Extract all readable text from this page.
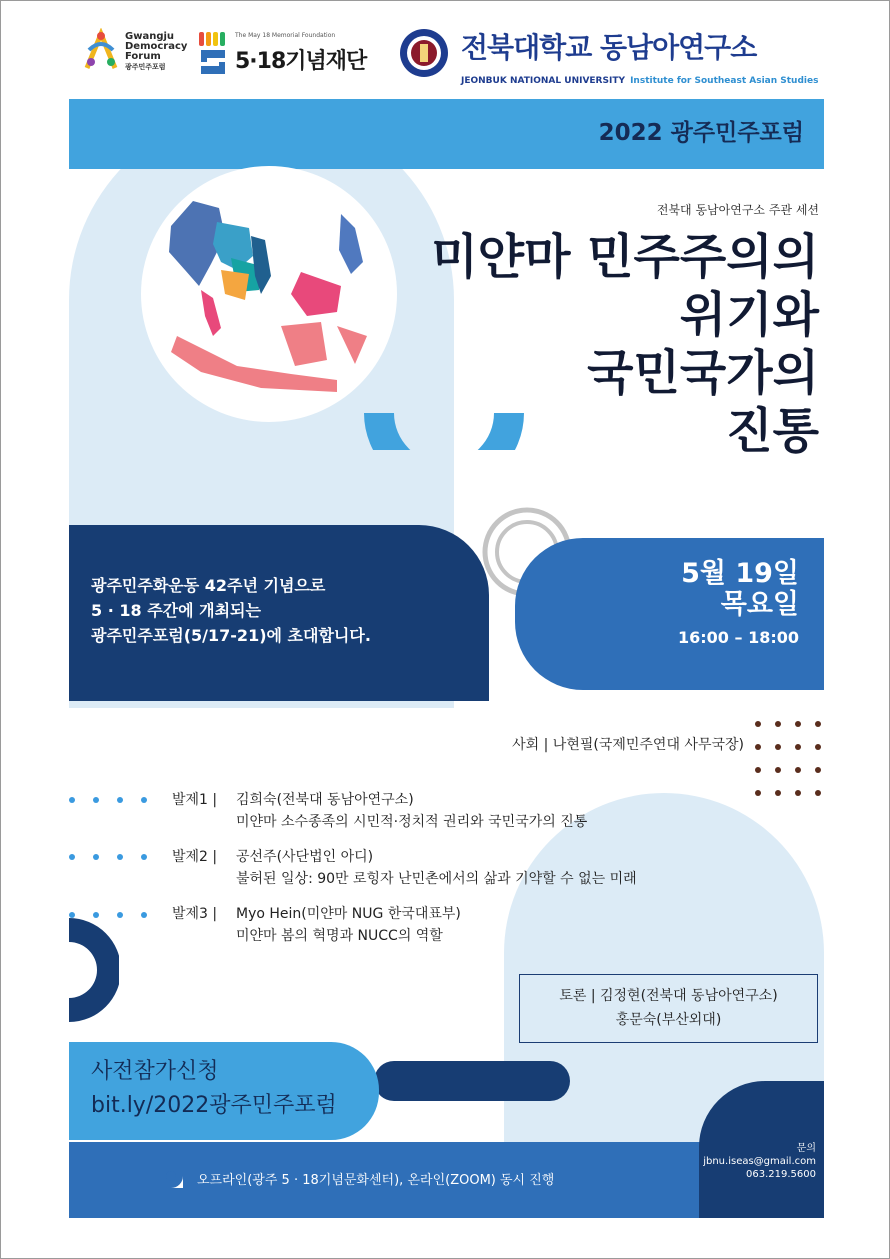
Gwangju
Democracy
Forum
광주민주포럼
The May 18 Memorial Foundation
5·18기념재단	전북대학교 동남아연구소
JEONBUK NATIONAL UNIVERSITY Institute for Southeast Asian Studies
2022 광주민주포럼
전북대 동남아연구소 주관 세션
미얀마 민주주의의
위기와
국민국가의
진통
광주민주화운동 42주년 기념으로
5 · 18 주간에 개최되는
광주민주포럼(5/17-21)에 초대합니다.
5월 19일
목요일
16:00 – 18:00
사회 | 나현필(국제민주연대 사무국장)
발제1 |	김희숙(전북대 동남아연구소)
미얀마 소수종족의 시민적·정치적 권리와 국민국가의 진통
발제2 |	공선주(사단법인 아디)
불허된 일상: 90만 로힝자 난민촌에서의 삶과 기약할 수 없는 미래
발제3 |	Myo Hein(미얀마 NUG 한국대표부)
미얀마 봄의 혁명과 NUCC의 역할
토론 | 김정현(전북대 동남아연구소)
홍문숙(부산외대)
사전참가신청
bit.ly/2022광주민주포럼
오프라인(광주 5 · 18기념문화센터), 온라인(ZOOM) 동시 진행
문의
jbnu.iseas@gmail.com
063.219.5600
